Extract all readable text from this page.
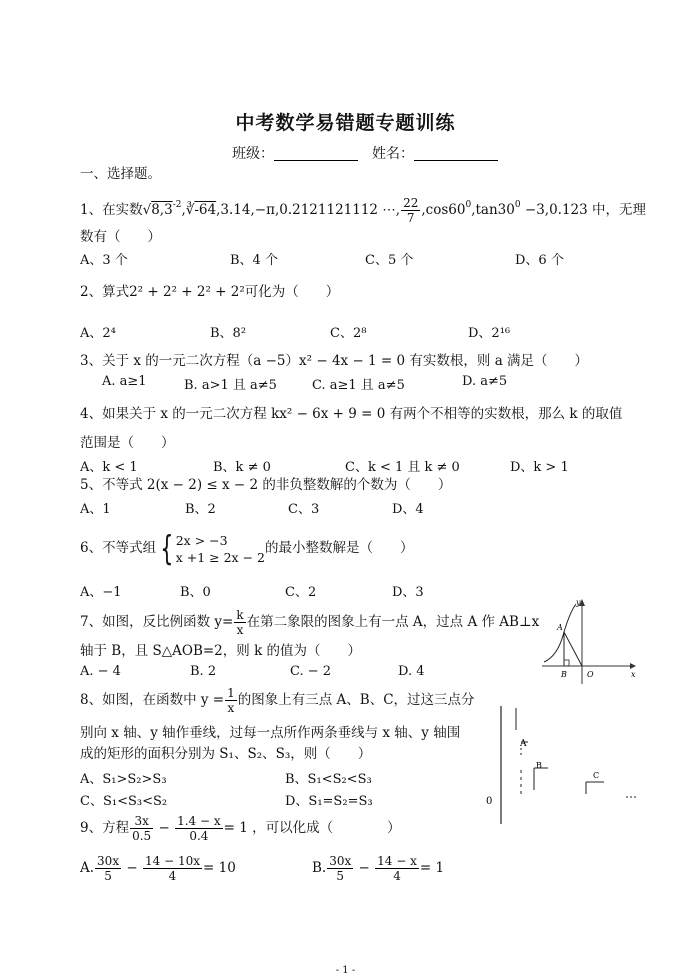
中考数学易错题专题训练
班级：	姓名：
一、选择题。
1、在实数$√8,3^{-2},∛-64,3.14,-\pi,0.2121121112$ ⋯, $\frac{22}{7} ,\cos 60^0,\tan 30^0 -3,0.123$ 中，无理
数有（　　）
A、3 个	B、4 个	C、5 个	D、6 个
2、算式2² + 2² + 2² + 2²可化为（　　）
A、2⁴	B、8²	C、2⁸	D、2¹⁶
3、关于 x 的一元二次方程（a −5）x² − 4x − 1 = 0 有实数根，则 a 满足（　　）
A. a≥1	B. a>1 且 a≠5	C. a≥1 且 a≠5	D. a≠5
4、如果关于 x 的一元二次方程 kx² − 6x + 9 = 0 有两个不相等的实数根，那么 k 的取值
范围是（　　）
A、k < 1	B、k ≠ 0	C、k < 1 且 k ≠ 0	D、k > 1
5、不等式 2(x − 2) ≤ x − 2 的非负整数解的个数为（　　）
A、1	B、2	C、3	D、4
6、不等式组 { 2x > −3
x +1 ≥ 2x − 2
的最小整数解是（　　）
A、−1	B、0	C、2	D、3
7、如图，反比例函数 $y= \frac{k}{x}$ 在第二象限的图象上有一点 A，过点 A 作 AB⊥x
轴于 B，且 S△AOB=2，则 k 的值为（　　）
A. − 4	B. 2	C. − 2	D. 4
A
B	O	x
y
8、如图，在函数中 $y = \frac{1}{x}$ 的图象上有三点 A、B、C，过这三点分
别向 x 轴、y 轴作垂线，过每一点所作两条垂线与 x 轴、y 轴围
成的矩形的面积分别为 S₁、S₂、S₃，则（　　）
A、S₁>S₂>S₃	B、S₁<S₂<S₃
C、S₁<S₃<S₂	D、S₁=S₂=S₃
A
B
C
0
9、方程 $\frac{3x}{0.5} - \frac{1.4 - x}{0.4} = 1$ ，可以化成（　　　　）
A. $\frac{30x}{5} - \frac{14 - 10x}{4} = 10$	B. $\frac{30x}{5} - \frac{14 - x}{4} = 1$
- 1 -
